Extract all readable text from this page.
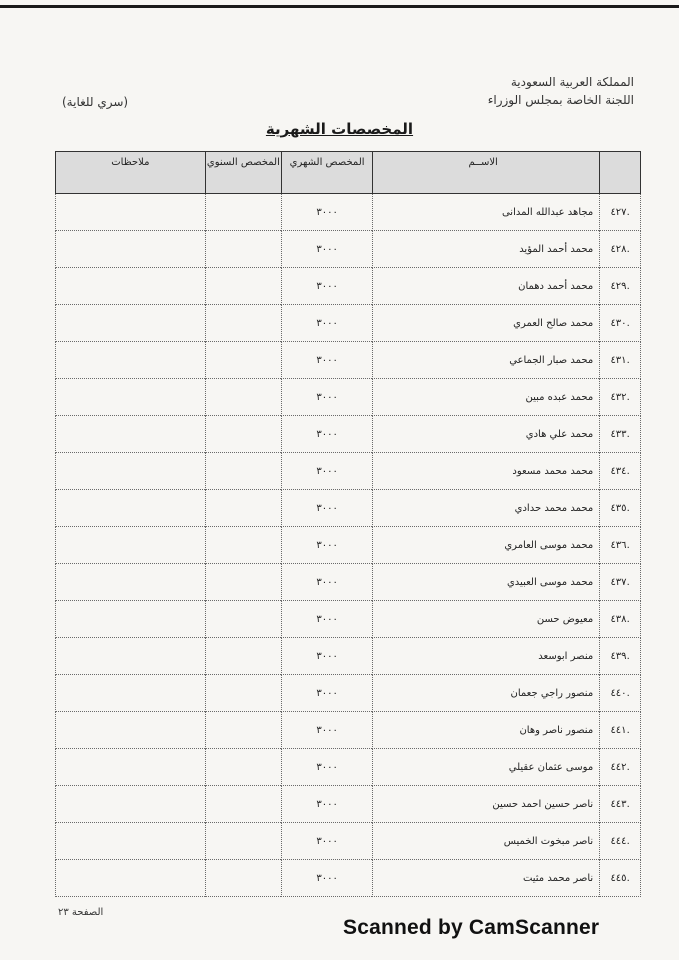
المملكة العربية السعودية
اللجنة الخاصة بمجلس الوزراء
(سري للغاية)
المخصصات الشهرية
	الاســم	المخصص الشهري	المخصص السنوي	ملاحظات
.٤٢٧	مجاهد عبدالله المدانى	٣٠٠٠		
.٤٢٨	محمد أحمد المؤيد	٣٠٠٠		
.٤٢٩	محمد أحمد دهمان	٣٠٠٠		
.٤٣٠	محمد صالح العمري	٣٠٠٠		
.٤٣١	محمد صبار الجماعي	٣٠٠٠		
.٤٣٢	محمد عبده مبين	٣٠٠٠		
.٤٣٣	محمد علي هادي	٣٠٠٠		
.٤٣٤	محمد محمد مسعود	٣٠٠٠		
.٤٣٥	محمد محمد حدادي	٣٠٠٠		
.٤٣٦	محمد موسى العامري	٣٠٠٠		
.٤٣٧	محمد موسى العبيدي	٣٠٠٠		
.٤٣٨	معيوض حسن	٣٠٠٠		
.٤٣٩	منصر ابوسعد	٣٠٠٠		
.٤٤٠	منصور راجي جعمان	٣٠٠٠		
.٤٤١	منصور ناصر وهان	٣٠٠٠		
.٤٤٢	موسى عثمان عقيلي	٣٠٠٠		
.٤٤٣	ناصر حسين احمد حسين	٣٠٠٠		
.٤٤٤	ناصر مبخوت الخميس	٣٠٠٠		
.٤٤٥	ناصر محمد مثيت	٣٠٠٠		
الصفحة ٢٣
Scanned by CamScanner
